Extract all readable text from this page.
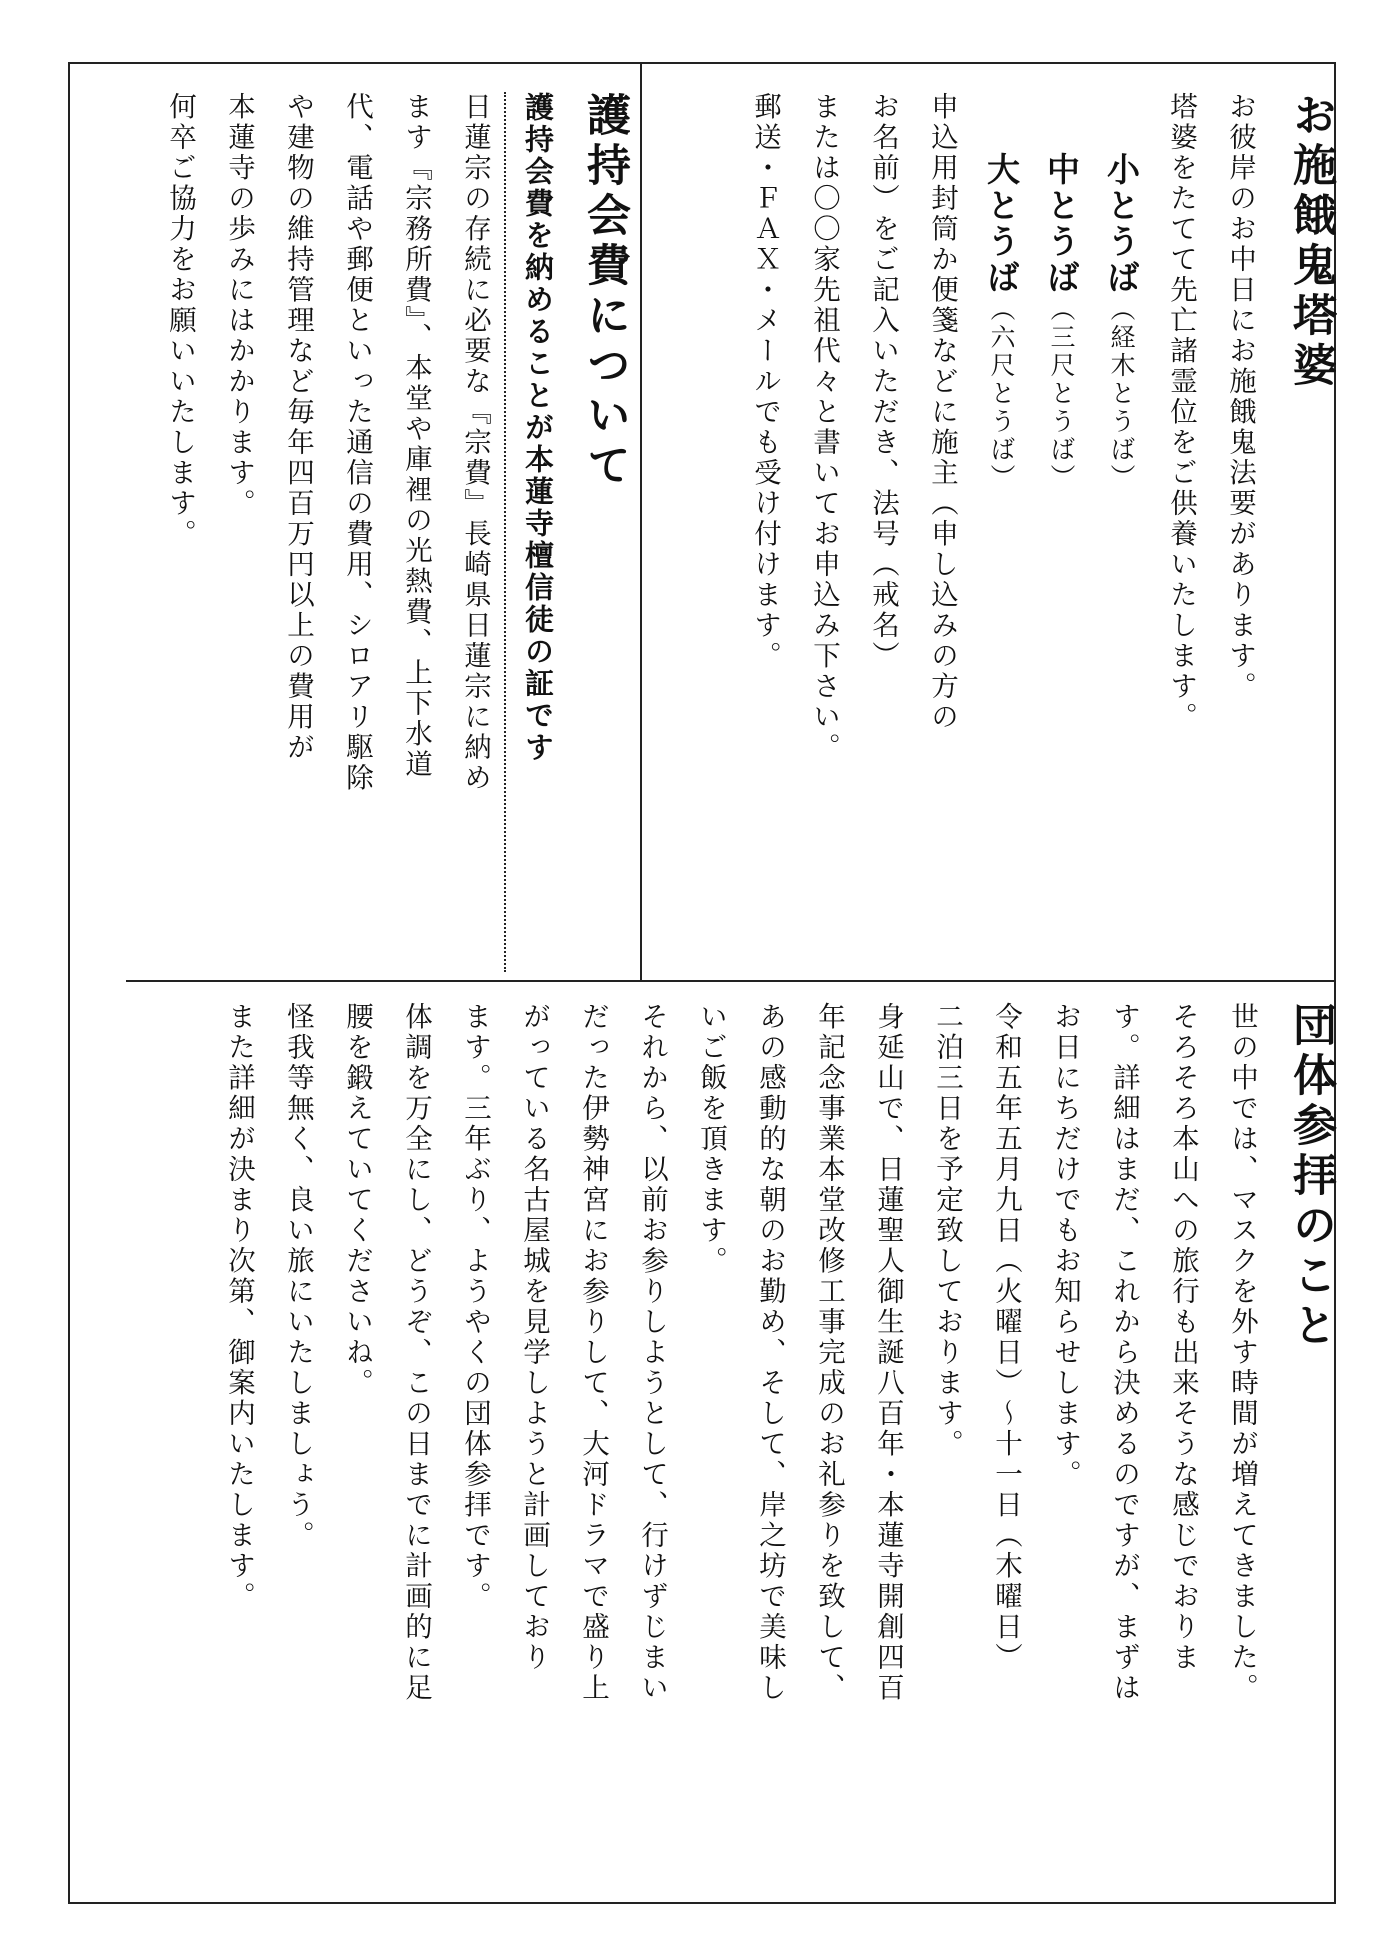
お施餓鬼塔婆
お彼岸のお中日にお施餓鬼法要があります。
塔婆をたてて先亡諸霊位をご供養いたします。
小とうば（経木とうば）
中とうば（三尺とうば）
大とうば（六尺とうば）
申込用封筒か便箋などに施主（申し込みの方の
お名前）をご記入いただき、法号（戒名）
または〇〇家先祖代々と書いてお申込み下さい。
郵送・ＦＡＸ・メールでも受け付けます。
護持会費について
護持会費を納めることが本蓮寺檀信徒の証です
日蓮宗の存続に必要な『宗費』長崎県日蓮宗に納め
ます『宗務所費』、本堂や庫裡の光熱費、上下水道
代、電話や郵便といった通信の費用、シロアリ駆除
や建物の維持管理など毎年四百万円以上の費用が
本蓮寺の歩みにはかかります。
何卒ご協力をお願いいたします。
団体参拝のこと
世の中では、マスクを外す時間が増えてきました。
そろそろ本山への旅行も出来そうな感じでおりま
す。詳細はまだ、これから決めるのですが、まずは
お日にちだけでもお知らせします。
令和五年五月九日（火曜日）～十一日（木曜日）
二泊三日を予定致しております。
身延山で、日蓮聖人御生誕八百年・本蓮寺開創四百
年記念事業本堂改修工事完成のお礼参りを致して、
あの感動的な朝のお勤め、そして、岸之坊で美味し
いご飯を頂きます。
それから、以前お参りしようとして、行けずじまい
だった伊勢神宮にお参りして、大河ドラマで盛り上
がっている名古屋城を見学しようと計画しており
ます。三年ぶり、ようやくの団体参拝です。
体調を万全にし、どうぞ、この日までに計画的に足
腰を鍛えていてくださいね。
怪我等無く、良い旅にいたしましょう。
また詳細が決まり次第、御案内いたします。
